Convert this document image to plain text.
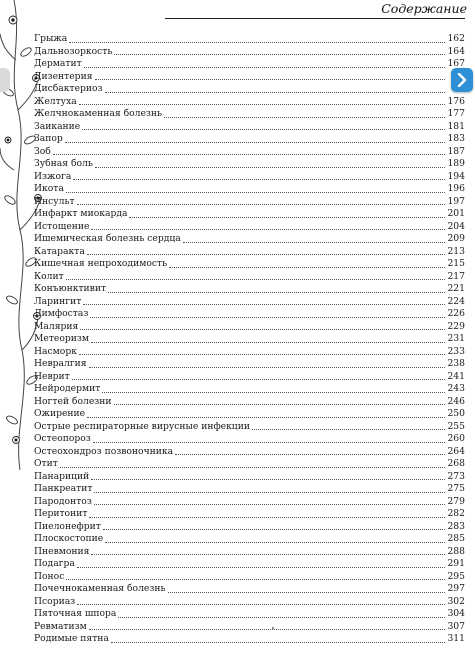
Содержание
Грыжа	162
Дальнозоркость	164
Дерматит	167
Дизентерия
Дисбактериоз
Желтуха	176
Желчнокаменная болезнь	177
Заикание	181
Запор	183
Зоб	187
Зубная боль	189
Изжога	194
Икота	196
Инсульт	197
Инфаркт миокарда	201
Истощение	204
Ишемическая болезнь сердца	209
Катаракта	213
Кишечная непроходимость	215
Колит	217
Конъюнктивит	221
Ларингит	224
Лимфостаз	226
Малярия	229
Метеоризм	231
Насморк	233
Невралгия	238
Неврит	241
Нейродермит	243
Ногтей болезни	246
Ожирение	250
Острые респираторные вирусные инфекции	255
Остеопороз	260
Остеохондроз позвоночника	264
Отит	268
Панариций	273
Панкреатит	275
Пародонтоз	279
Перитонит	282
Пиелонефрит	283
Плоскостопие	285
Пневмония	288
Подагра	291
Понос	295
Почечнокаменная болезнь	297
Псориаз	302
Пяточная шпора	304
Ревматизм	307
Родимые пятна	311
